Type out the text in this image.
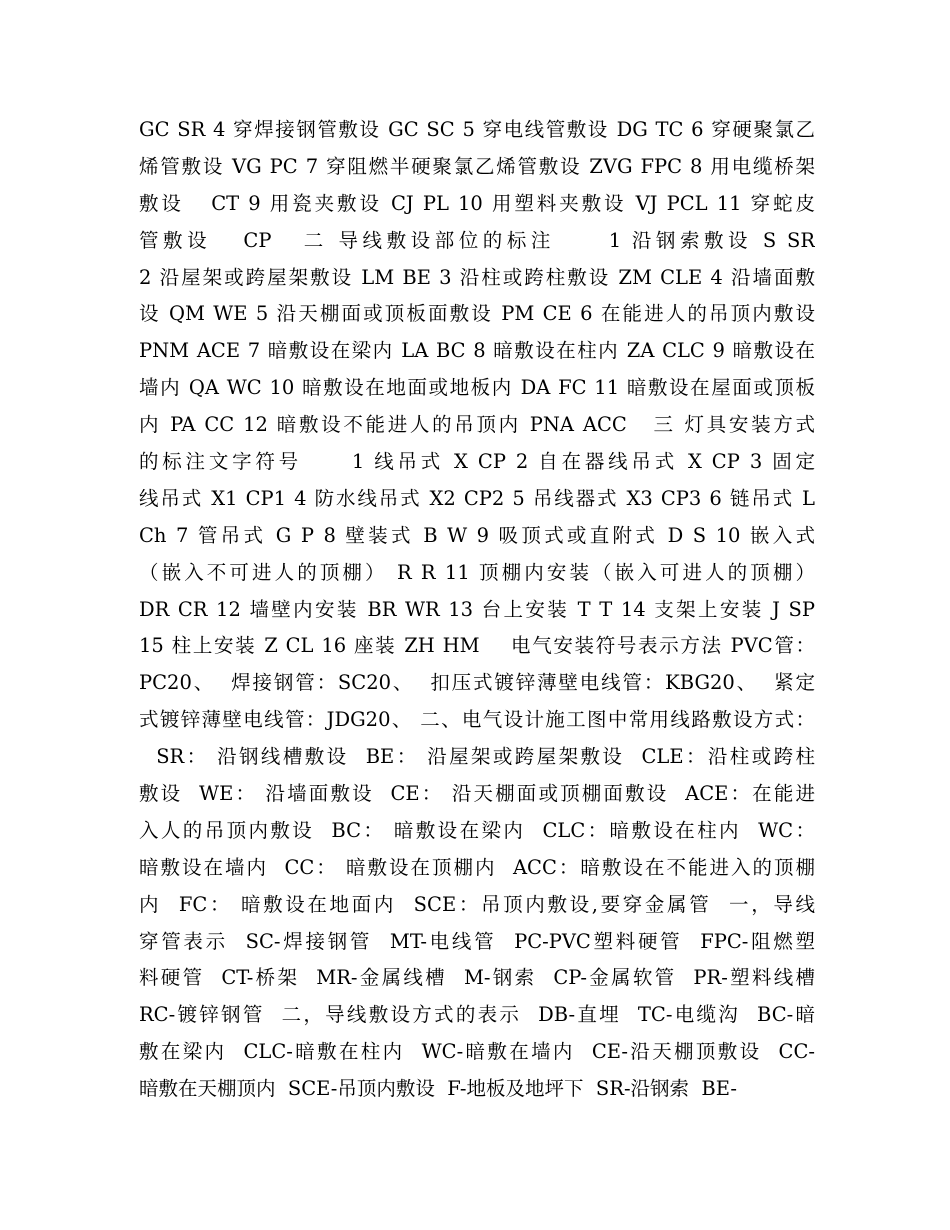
GC SR 4 穿焊接钢管敷设 GC SC 5 穿电线管敷设 DG TC 6 穿硬聚氯乙
烯管敷设 VG PC 7 穿阻燃半硬聚氯乙烯管敷设 ZVG FPC 8 用电缆桥架
敷设   CT 9 用瓷夹敷设 CJ PL 10 用塑料夹敷设 VJ PCL 11 穿蛇皮
管敷设   CP   二 导线敷设部位的标注     1 沿钢索敷设 S SR
2 沿屋架或跨屋架敷设 LM BE 3 沿柱或跨柱敷设 ZM CLE 4 沿墙面敷
设 QM WE 5 沿天棚面或顶板面敷设 PM CE 6 在能进人的吊顶内敷设
PNM ACE 7 暗敷设在梁内 LA BC 8 暗敷设在柱内 ZA CLC 9 暗敷设在
墙内 QA WC 10 暗敷设在地面或地板内 DA FC 11 暗敷设在屋面或顶板
内 PA CC 12 暗敷设不能进人的吊顶内 PNA ACC   三 灯具安装方式
的标注文字符号     1 线吊式 X CP 2 自在器线吊式 X CP 3 固定
线吊式 X1 CP1 4 防水线吊式 X2 CP2 5 吊线器式 X3 CP3 6 链吊式 L
Ch 7 管吊式 G P 8 壁装式 B W 9 吸顶式或直附式 D S 10 嵌入式
（嵌入不可进人的顶棚） R R 11 顶棚内安装（嵌入可进人的顶棚）
DR CR 12 墙壁内安装 BR WR 13 台上安装 T T 14 支架上安装 J SP
15 柱上安装 Z CL 16 座装 ZH HM    电气安装符号表示方法 PVC管：
PC20、  焊接钢管：SC20、  扣压式镀锌薄壁电线管：KBG20、  紧定
式镀锌薄壁电线管：JDG20、 二、电气设计施工图中常用线路敷设方式：
SR： 沿钢线槽敷设  BE： 沿屋架或跨屋架敷设  CLE：沿柱或跨柱
敷设  WE： 沿墙面敷设  CE： 沿天棚面或顶棚面敷设  ACE：在能进
入人的吊顶内敷设  BC： 暗敷设在梁内  CLC：暗敷设在柱内  WC：
暗敷设在墙内  CC： 暗敷设在顶棚内  ACC：暗敷设在不能进入的顶棚
内  FC： 暗敷设在地面内  SCE：吊顶内敷设,要穿金属管  一，导线
穿管表示  SC-焊接钢管  MT-电线管  PC-PVC塑料硬管  FPC-阻燃塑
料硬管  CT-桥架  MR-金属线槽  M-钢索  CP-金属软管  PR-塑料线槽
RC-镀锌钢管  二，导线敷设方式的表示  DB-直埋  TC-电缆沟  BC-暗
敷在梁内  CLC-暗敷在柱内  WC-暗敷在墙内  CE-沿天棚顶敷设  CC-
暗敷在天棚顶内  SCE-吊顶内敷设  F-地板及地坪下  SR-沿钢索  BE-
